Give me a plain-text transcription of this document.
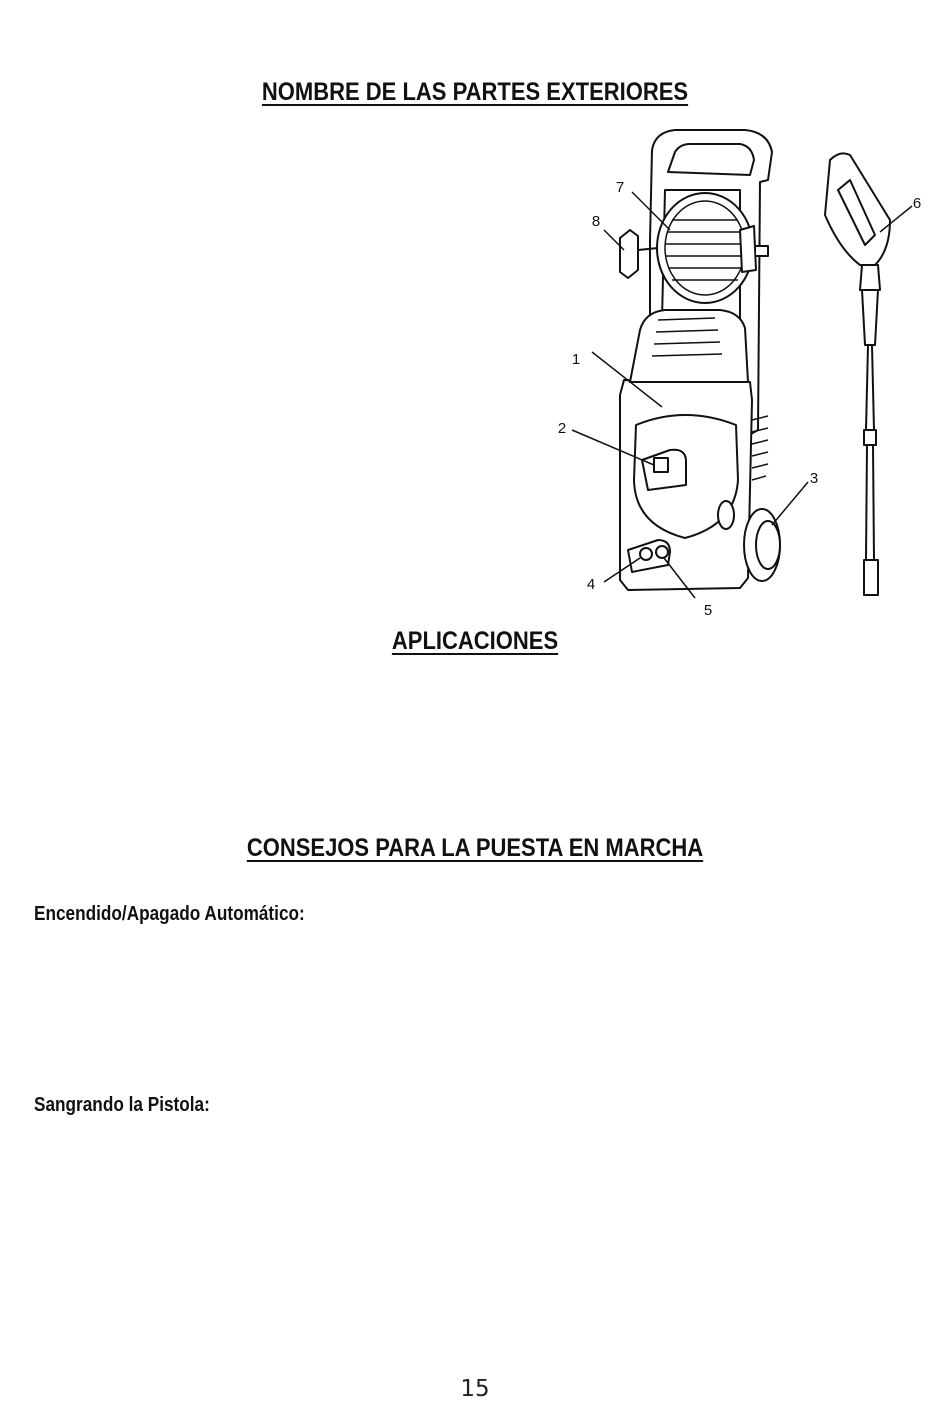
NOMBRE DE LAS PARTES EXTERIORES
1
2
3
4
5
6
7
8
APLICACIONES
CONSEJOS PARA LA PUESTA EN MARCHA
Encendido/Apagado Automático:
Sangrando la Pistola:
15
